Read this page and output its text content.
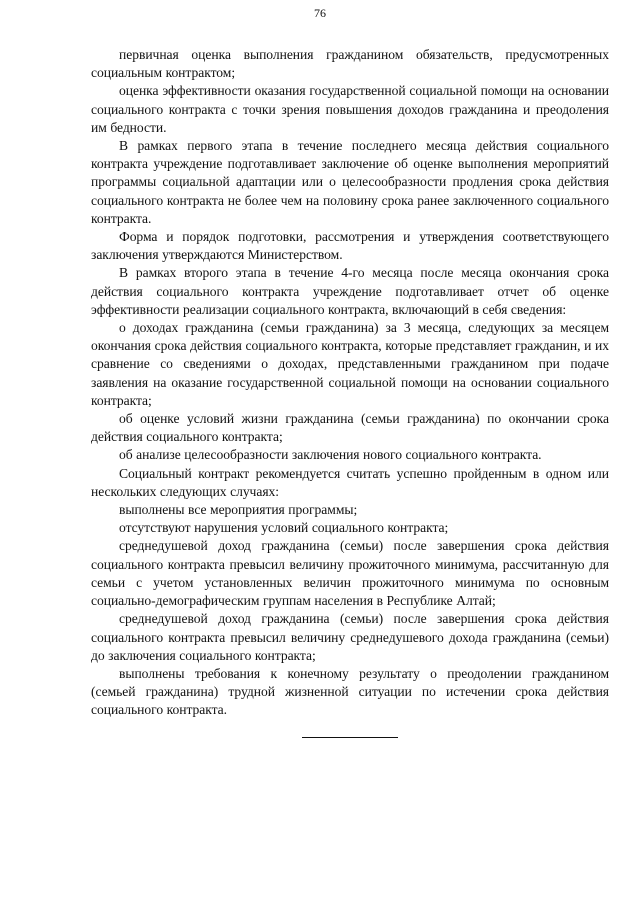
76

первичная оценка выполнения гражданином обязательств, предусмотренных социальным контрактом;

оценка эффективности оказания государственной социальной помощи на основании социального контракта с точки зрения повышения доходов гражданина и преодоления им бедности.

В рамках первого этапа в течение последнего месяца действия социального контракта учреждение подготавливает заключение об оценке выполнения мероприятий программы социальной адаптации или о целесообразности продления срока действия социального контракта не более чем на половину срока ранее заключенного социального контракта.

Форма и порядок подготовки, рассмотрения и утверждения соответствующего заключения утверждаются Министерством.

В рамках второго этапа в течение 4-го месяца после месяца окончания срока действия социального контракта учреждение подготавливает отчет об оценке эффективности реализации социального контракта, включающий в себя сведения:

о доходах гражданина (семьи гражданина) за 3 месяца, следующих за месяцем окончания срока действия социального контракта, которые представляет гражданин, и их сравнение со сведениями о доходах, представленными гражданином при подаче заявления на оказание государственной социальной помощи на основании социального контракта;

об оценке условий жизни гражданина (семьи гражданина) по окончании срока действия социального контракта;

об анализе целесообразности заключения нового социального контракта.

Социальный контракт рекомендуется считать успешно пройденным в одном или нескольких следующих случаях:

выполнены все мероприятия программы;

отсутствуют нарушения условий социального контракта;

среднедушевой доход гражданина (семьи) после завершения срока действия социального контракта превысил величину прожиточного минимума, рассчитанную для семьи с учетом установленных величин прожиточного минимума по основным социально-демографическим группам населения в Республике Алтай;

среднедушевой доход гражданина (семьи) после завершения срока действия социального контракта превысил величину среднедушевого дохода гражданина (семьи) до заключения социального контракта;

выполнены требования к конечному результату о преодолении гражданином (семьей гражданина) трудной жизненной ситуации по истечении срока действия социального контракта.
